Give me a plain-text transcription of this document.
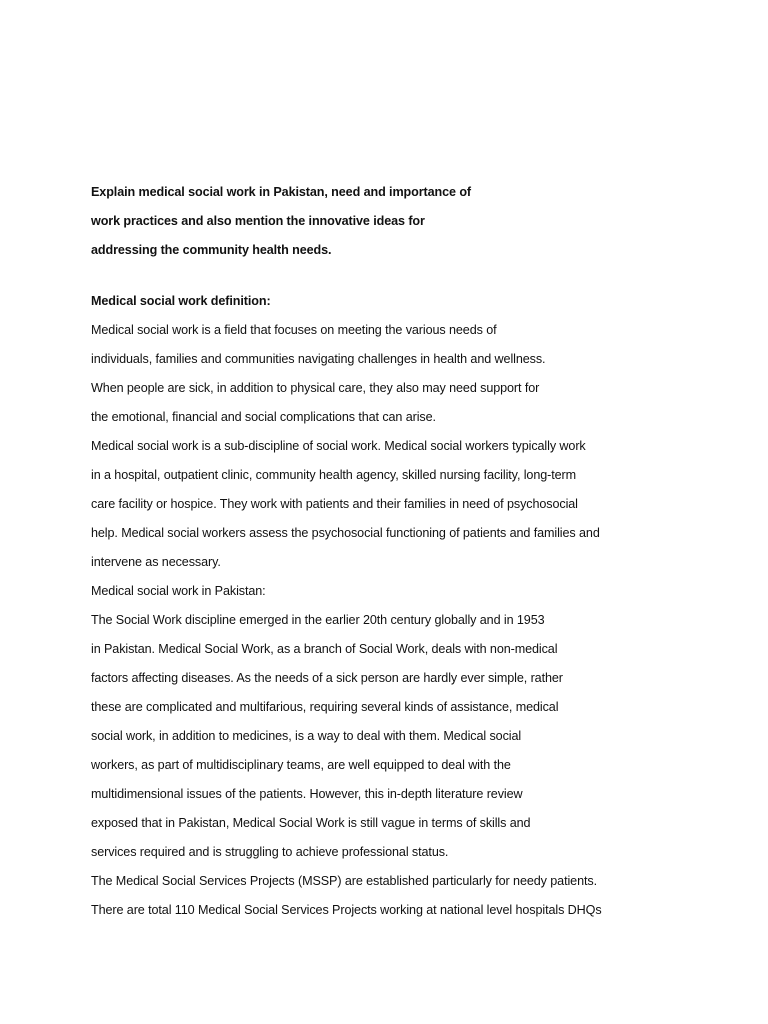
Explain medical social work in Pakistan, need and importance of
work practices and also mention the innovative ideas for
addressing the community health needs.
Medical social work definition:
Medical social work is a field that focuses on meeting the various needs of
individuals, families and communities navigating challenges in health and wellness.
When people are sick, in addition to physical care, they also may need support for
the emotional, financial and social complications that can arise.
Medical social work is a sub-discipline of social work. Medical social workers typically work
in a hospital, outpatient clinic, community health agency, skilled nursing facility, long-term
care facility or hospice. They work with patients and their families in need of psychosocial
help. Medical social workers assess the psychosocial functioning of patients and families and
intervene as necessary.
Medical social work in Pakistan:
The Social Work discipline emerged in the earlier 20th century globally and in 1953
in Pakistan. Medical Social Work, as a branch of Social Work, deals with non-medical
factors affecting diseases. As the needs of a sick person are hardly ever simple, rather
these are complicated and multifarious, requiring several kinds of assistance, medical
social work, in addition to medicines, is a way to deal with them. Medical social
workers, as part of multidisciplinary teams, are well equipped to deal with the
multidimensional issues of the patients. However, this in-depth literature review
exposed that in Pakistan, Medical Social Work is still vague in terms of skills and
services required and is struggling to achieve professional status.
The Medical Social Services Projects (MSSP) are established particularly for needy patients.
There are total 110 Medical Social Services Projects working at national level hospitals DHQs
